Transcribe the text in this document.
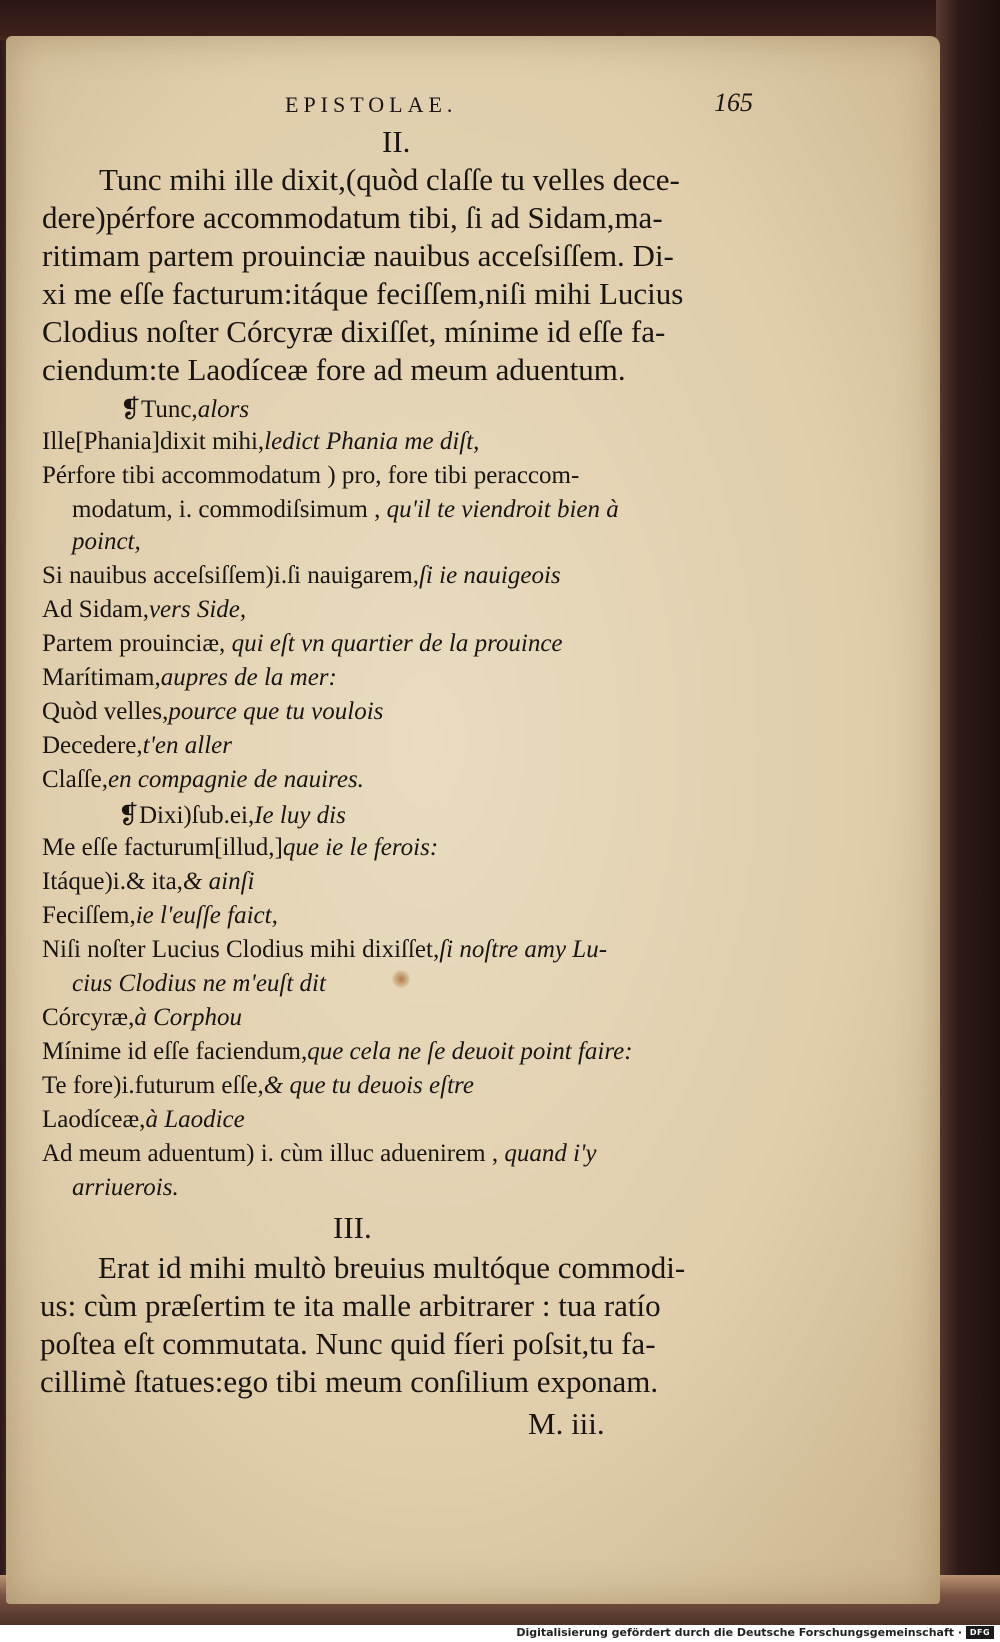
EPISTOLAE.	165
II.
Tunc mihi ille dixit,(quòd claſſe tu velles dece-
dere)pérfore accommodatum tibi, ſi ad Sidam,ma-
ritimam partem prouinciæ nauibus acceſsiſſem. Di-
xi me eſſe facturum:itáque feciſſem,niſi mihi Lucius
Clodius noſter Córcyræ dixiſſet, mínime id eſſe fa-
ciendum:te Laodíceæ fore ad meum aduentum.
❡Tunc,alors
Ille[Phania]dixit mihi,ledict Phania me diſt,
Pérfore tibi accommodatum ) pro, fore tibi peraccom-
modatum, i. commodiſsimum , qu'il te viendroit bien à
poinct,
Si nauibus acceſsiſſem)i.ſi nauigarem,ſi ie nauigeois
Ad Sidam,vers Side,
Partem prouinciæ, qui eſt vn quartier de la prouince
Marítimam,aupres de la mer:
Quòd velles,pource que tu voulois
Decedere,t'en aller
Claſſe,en compagnie de nauires.
❡Dixi)ſub.ei,Ie luy dis
Me eſſe facturum[illud,]que ie le ferois:
Itáque)i.& ita,& ainſi
Feciſſem,ie l'euſſe faict,
Niſi noſter Lucius Clodius mihi dixiſſet,ſi noſtre amy Lu-
cius Clodius ne m'euſt dit
Córcyræ,à Corphou
Mínime id eſſe faciendum,que cela ne ſe deuoit point faire:
Te fore)i.futurum eſſe,& que tu deuois eſtre
Laodíceæ,à Laodice
Ad meum aduentum) i. cùm illuc aduenirem , quand i'y
arriuerois.
III.
Erat id mihi multò breuius multóque commodi-
us: cùm præſertim te ita malle arbitrarer : tua ratío
poſtea eſt commutata. Nunc quid fíeri poſsit,tu fa-
cillimè ſtatues:ego tibi meum conſilium exponam.
M. iii.
Digitalisierung gefördert durch die Deutsche Forschungsgemeinschaft · DFG
